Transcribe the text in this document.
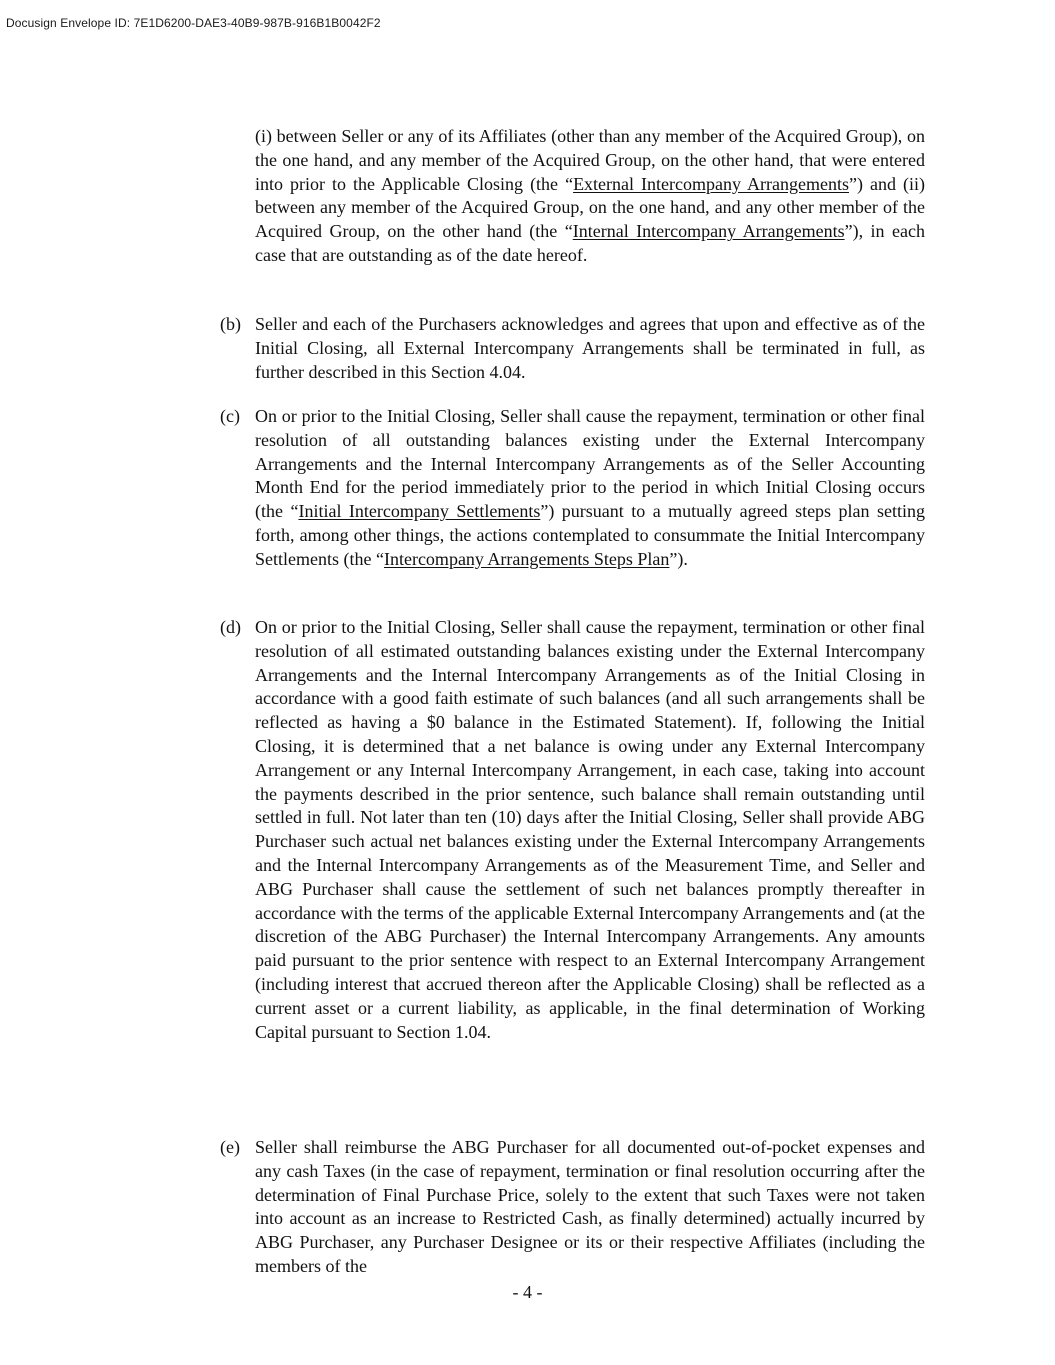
Docusign Envelope ID: 7E1D6200-DAE3-40B9-987B-916B1B0042F2

(i) between Seller or any of its Affiliates (other than any member of the Acquired Group), on the one hand, and any member of the Acquired Group, on the other hand, that were entered into prior to the Applicable Closing (the “External Intercompany Arrangements”) and (ii) between any member of the Acquired Group, on the one hand, and any other member of the Acquired Group, on the other hand (the “Internal Intercompany Arrangements”), in each case that are outstanding as of the date hereof.

(b) Seller and each of the Purchasers acknowledges and agrees that upon and effective as of the Initial Closing, all External Intercompany Arrangements shall be terminated in full, as further described in this Section 4.04.
(c) On or prior to the Initial Closing, Seller shall cause the repayment, termination or other final resolution of all outstanding balances existing under the External Intercompany Arrangements and the Internal Intercompany Arrangements as of the Seller Accounting Month End for the period immediately prior to the period in which Initial Closing occurs (the “Initial Intercompany Settlements”) pursuant to a mutually agreed steps plan setting forth, among other things, the actions contemplated to consummate the Initial Intercompany Settlements (the “Intercompany Arrangements Steps Plan”).
(d) On or prior to the Initial Closing, Seller shall cause the repayment, termination or other final resolution of all estimated outstanding balances existing under the External Intercompany Arrangements and the Internal Intercompany Arrangements as of the Initial Closing in accordance with a good faith estimate of such balances (and all such arrangements shall be reflected as having a $0 balance in the Estimated Statement). If, following the Initial Closing, it is determined that a net balance is owing under any External Intercompany Arrangement or any Internal Intercompany Arrangement, in each case, taking into account the payments described in the prior sentence, such balance shall remain outstanding until settled in full. Not later than ten (10) days after the Initial Closing, Seller shall provide ABG Purchaser such actual net balances existing under the External Intercompany Arrangements and the Internal Intercompany Arrangements as of the Measurement Time, and Seller and ABG Purchaser shall cause the settlement of such net balances promptly thereafter in accordance with the terms of the applicable External Intercompany Arrangements and (at the discretion of the ABG Purchaser) the Internal Intercompany Arrangements. Any amounts paid pursuant to the prior sentence with respect to an External Intercompany Arrangement (including interest that accrued thereon after the Applicable Closing) shall be reflected as a current asset or a current liability, as applicable, in the final determination of Working Capital pursuant to Section 1.04.
(e) Seller shall reimburse the ABG Purchaser for all documented out-of-pocket expenses and any cash Taxes (in the case of repayment, termination or final resolution occurring after the determination of Final Purchase Price, solely to the extent that such Taxes were not taken into account as an increase to Restricted Cash, as finally determined) actually incurred by ABG Purchaser, any Purchaser Designee or its or their respective Affiliates (including the members of the
- 4 -
